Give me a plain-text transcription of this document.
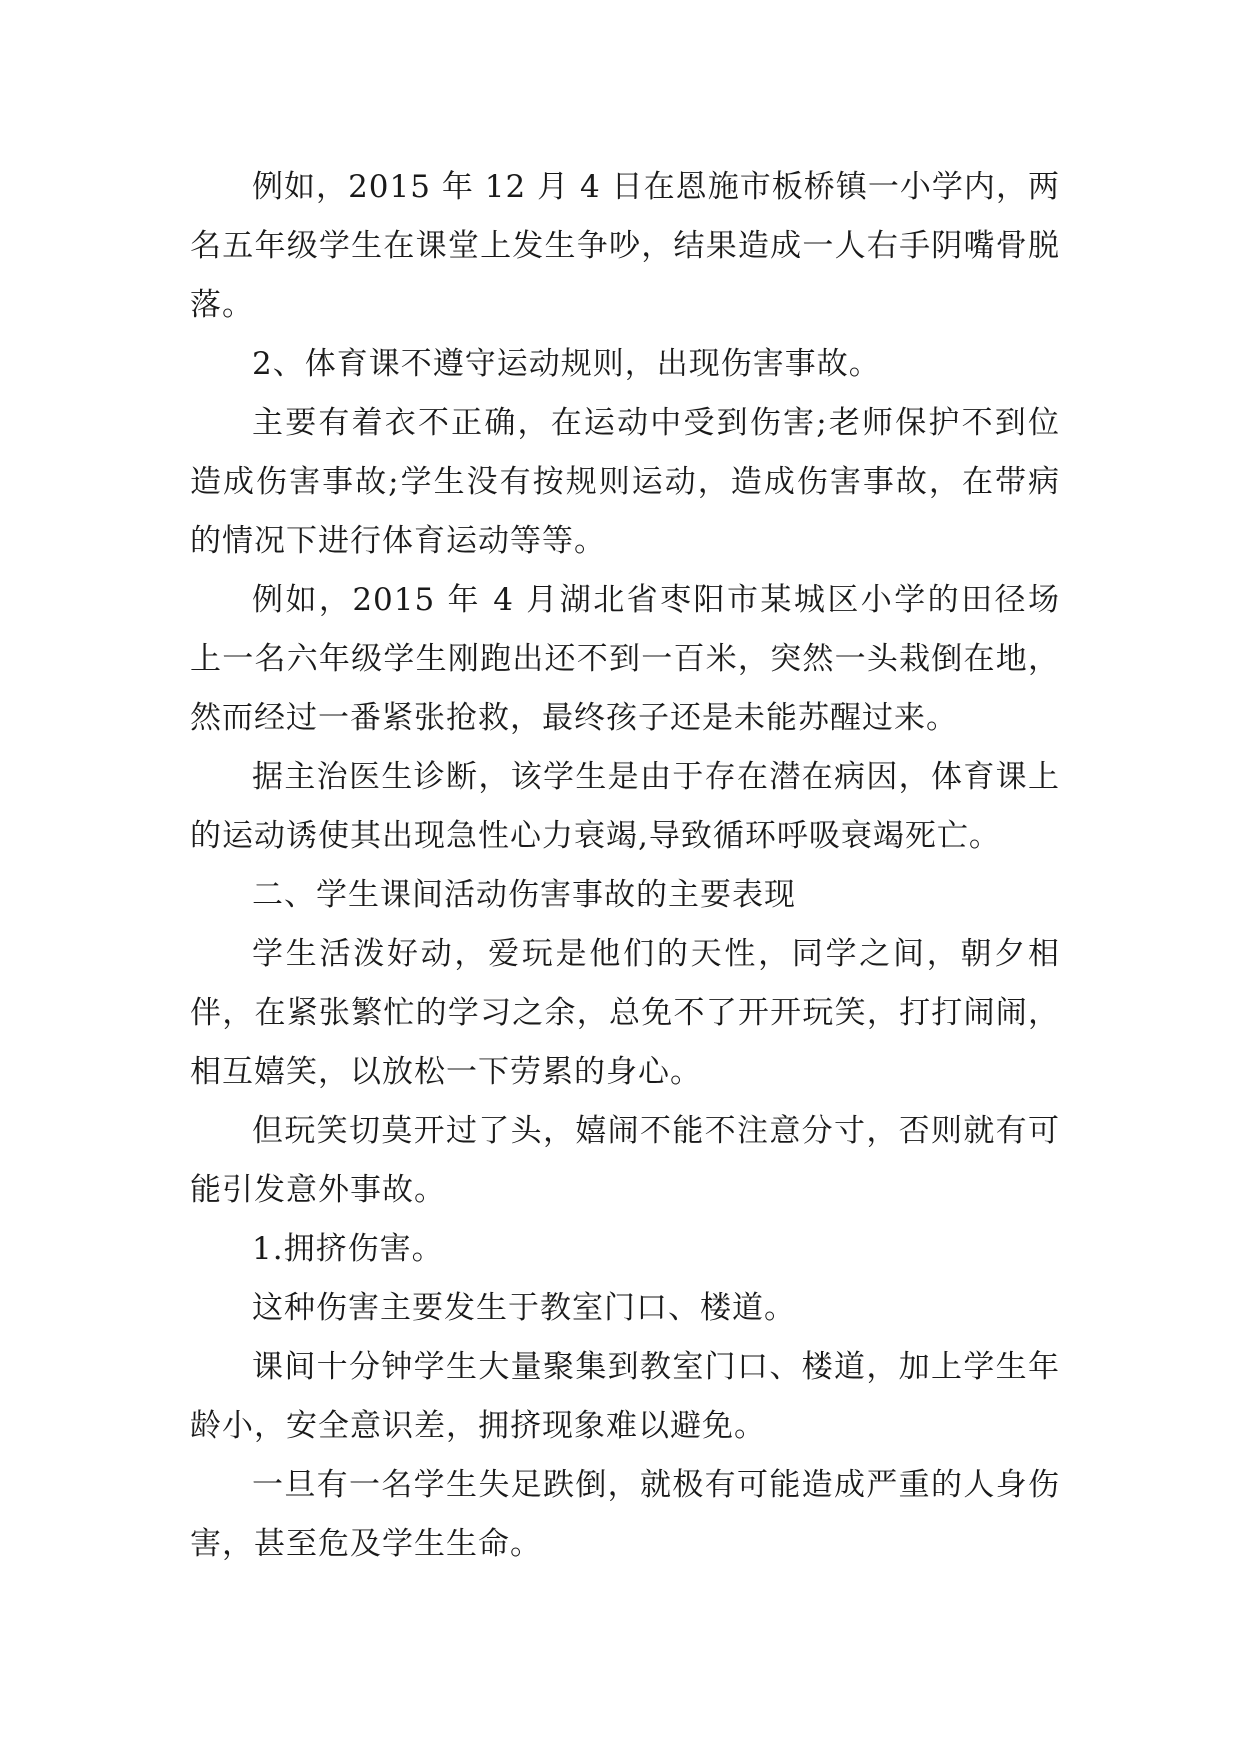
例如，2015 年 12 月 4 日在恩施市板桥镇一小学内，两名五年级学生在课堂上发生争吵，结果造成一人右手阴嘴骨脱落。

2、体育课不遵守运动规则，出现伤害事故。

主要有着衣不正确，在运动中受到伤害;老师保护不到位造成伤害事故;学生没有按规则运动，造成伤害事故，在带病的情况下进行体育运动等等。

例如，2015 年 4 月湖北省枣阳市某城区小学的田径场上一名六年级学生刚跑出还不到一百米，突然一头栽倒在地，然而经过一番紧张抢救，最终孩子还是未能苏醒过来。

据主治医生诊断，该学生是由于存在潜在病因，体育课上的运动诱使其出现急性心力衰竭,导致循环呼吸衰竭死亡。

二、学生课间活动伤害事故的主要表现

学生活泼好动，爱玩是他们的天性，同学之间，朝夕相伴，在紧张繁忙的学习之余，总免不了开开玩笑，打打闹闹，相互嬉笑，以放松一下劳累的身心。

但玩笑切莫开过了头，嬉闹不能不注意分寸，否则就有可能引发意外事故。

1.拥挤伤害。

这种伤害主要发生于教室门口、楼道。

课间十分钟学生大量聚集到教室门口、楼道，加上学生年龄小，安全意识差，拥挤现象难以避免。

一旦有一名学生失足跌倒，就极有可能造成严重的人身伤害，甚至危及学生生命。
